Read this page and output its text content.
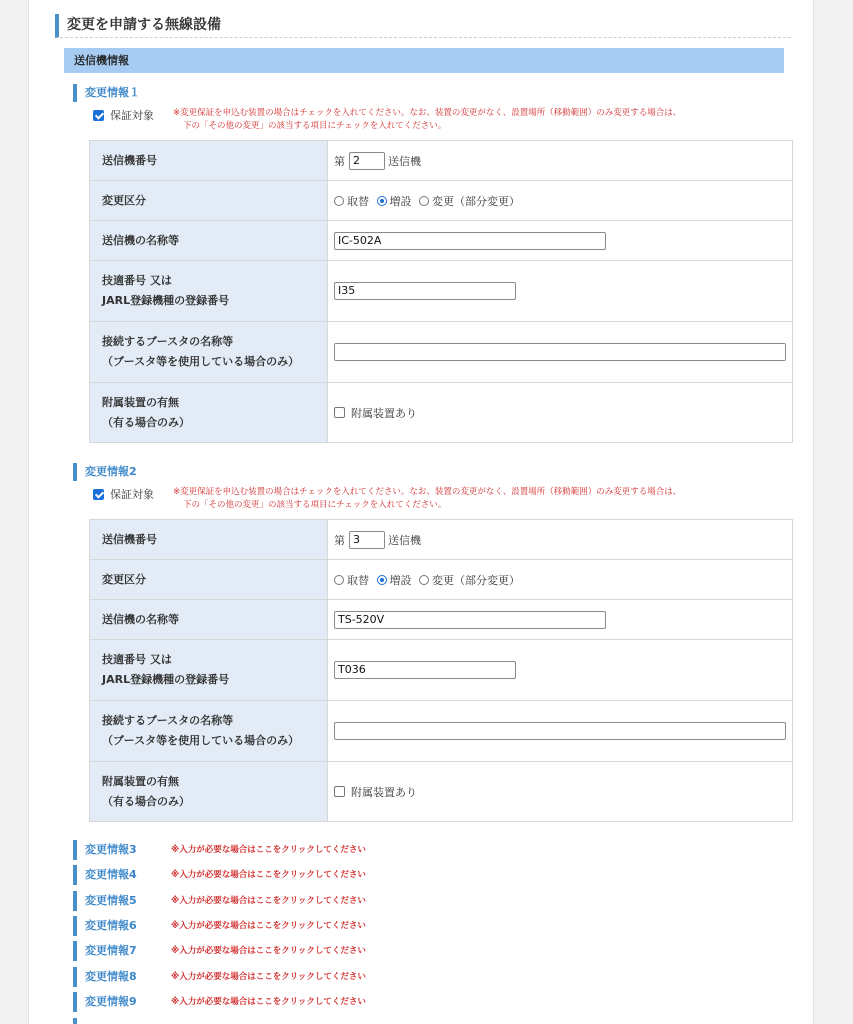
変更を申請する無線設備
送信機情報
変更情報１
保証対象 ※変更保証を申込む装置の場合はチェックを入れてください。なお、装置の変更がなく、設置場所（移動範囲）のみ変更する場合は、
下の「その他の変更」の該当する項目にチェックを入れてください。
送信機番号	第 2 送信機
変更区分	取替 増設 変更（部分変更）
送信機の名称等	IC-502A

技適番号 又は
JARL登録機種の登録番号	I35

接続するブースタの名称等
（ブースタ等を使用している場合のみ）	

附属装置の有無
（有る場合のみ）	附属装置あり
変更情報2
保証対象 ※変更保証を申込む装置の場合はチェックを入れてください。なお、装置の変更がなく、設置場所（移動範囲）のみ変更する場合は、
下の「その他の変更」の該当する項目にチェックを入れてください。
送信機番号	第 3 送信機
変更区分	取替 増設 変更（部分変更）
送信機の名称等	TS-520V

技適番号 又は
JARL登録機種の登録番号	T036

接続するブースタの名称等
（ブースタ等を使用している場合のみ）	

附属装置の有無
（有る場合のみ）	附属装置あり
変更情報3	※入力が必要な場合はここをクリックしてください
変更情報4	※入力が必要な場合はここをクリックしてください
変更情報5	※入力が必要な場合はここをクリックしてください
変更情報6	※入力が必要な場合はここをクリックしてください
変更情報7	※入力が必要な場合はここをクリックしてください
変更情報8	※入力が必要な場合はここをクリックしてください
変更情報9	※入力が必要な場合はここをクリックしてください
